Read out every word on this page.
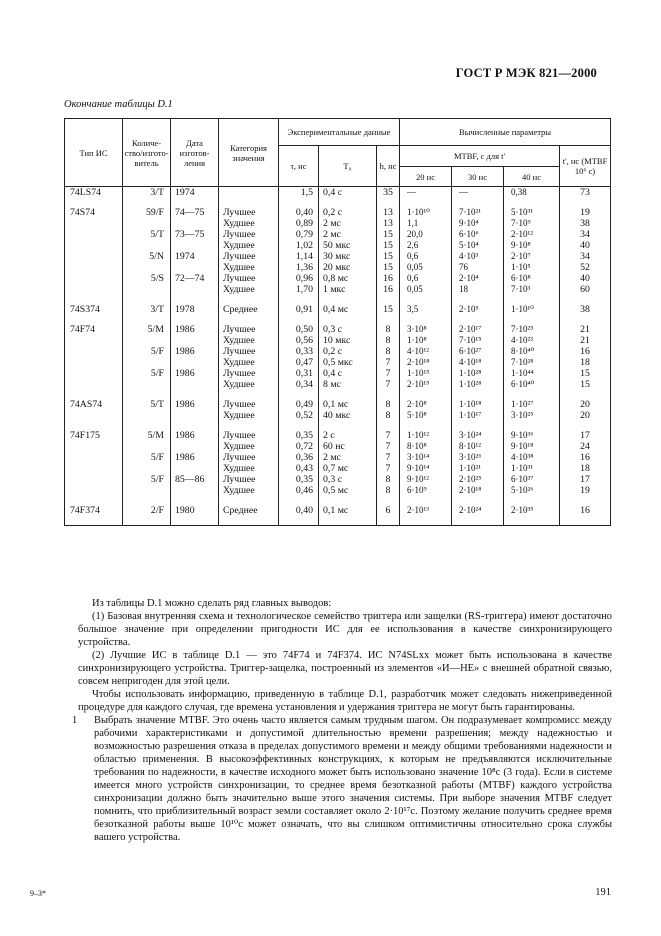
ГОСТ Р МЭК 821—2000
Окончание таблицы D.1
Тип ИС	Количе-ство/изгото-витель	Дата изготов-ления	Категория значения	Экспериментальные данные			Вычисленные параметры			
				τ, нс	T₀	h, нс	MTBF, с для t'			t', нс (MTBF 10⁶ с)
							20 нс	30 нс	40 нс	
74LS74	3/T	1974		1,5	0,4 с	35	—	—	0,38	73

74S74	59/F	74—75	Лучшее	0,40	0,2 с	13	1·10¹⁰	7·10²¹	5·10³¹	19
			Худшее	0,89	2 мс	13	1,1	9·10⁴	7·10⁹	38
	5/T	73—75	Лучшее	0,79	2 мс	15	20,0	6·10⁶	2·10¹²	34
			Худшее	1,02	50 мкс	15	2,6	5·10⁴	9·10⁸	40
	5/N	1974	Лучшее	1,14	30 мкс	15	0,6	4·10³	2·10⁷	34
			Худшее	1,36	20 мкс	15	0,05	76	1·10⁵	52
	5/S	72—74	Лучшее	0,96	0,8 мс	16	0,6	2·10⁴	6·10⁸	40
			Худшее	1,70	1 мкс	16	0,05	18	7·10³	60

74S374	3/T	1978	Среднее	0,91	0,4 мс	15	3,5	2·10⁵	1·10¹⁰	38

74F74	5/M	1986	Лучшее	0,50	0,3 с	8	3·10⁸	2·10¹⁷	7·10²⁵	21
			Худшее	0,56	10 мкс	8	1·10⁸	7·10¹⁵	4·10²³	21
	5/F	1986	Лучшее	0,33	0,2 с	8	4·10¹²	6·10²⁷	8·10⁴⁰	16
			Худшее	0,47	0,5 мкс	7	2·10¹⁸	4·10¹⁸	7·10²⁸	18
	5/F	1986	Лучшее	0,31	0,4 с	7	1·10¹⁵	1·10²⁸	1·10⁴⁴	15
			Худшее	0,34	8 мс	7	2·10¹⁵	1·10²⁸	6·10⁴⁰	15

74AS74	5/T	1986	Лучшее	0,49	0,1 мс	8	2·10⁸	1·10¹⁸	1·10²⁷	20
			Худшее	0,52	40 мкс	8	5·10⁸	1·10¹⁷	3·10²⁵	20

74F175	5/M	1986	Лучшее	0,35	2 с	7	1·10¹²	3·10²⁴	9·10³⁶	17
			Худшее	0,72	60 нс	7	8·10⁸	8·10¹²	9·10¹⁸	24
	5/F	1986	Лучшее	0,36	2 мс	7	3·10¹⁴	3·10²⁶	4·10³⁸	16
			Худшее	0,43	0,7 мс	7	9·10¹⁴	1·10²¹	1·10³¹	18
	5/F	85—86	Лучшее	0,35	0,3 с	8	9·10¹²	2·10²⁵	6·10³⁷	17
			Худшее	0,46	0,5 мс	8	6·10⁹	2·10¹⁸	5·10²⁶	19

74F374	2/F	1980	Среднее	0,40	0,1 мс	6	2·10¹³	2·10²⁴	2·10³⁵	16

Из таблицы D.1 можно сделать ряд главных выводов:

(1) Базовая внутренняя схема и технологическое семейство триггера или защелки (RS-триггера) имеют достаточно большое значение при определении пригодности ИС для ее использования в качестве синхронизирующего устройства.

(2) Лучшие ИС в таблице D.1 — это 74F74 и 74F374. ИС N74SLxx может быть использована в качестве синхронизирующего устройства. Триггер-защелка, построенный из элементов «И—НЕ» с внешней обратной связью, совсем непригоден для этой цели.

Чтобы использовать информацию, приведенную в таблице D.1, разработчик может следовать нижеприведенной процедуре для каждого случая, где времена установления и удержания триггера не могут быть гарантированы.

1 Выбрать значение MTBF. Это очень часто является самым трудным шагом. Он подразумевает компромисс между рабочими характеристиками и допустимой длительностью времени разрешения; между надежностью и возможностью разрешения отказа в пределах допустимого времени и между общими требованиями надежности и областью применения. В высокоэффективных конструкциях, к которым не предъявляются исключительные требования по надежности, в качестве исходного может быть использовано значение 10⁸с (3 года). Если в системе имеется много устройств синхронизации, то среднее время безотказной работы (MTBF) каждого устройства синхронизации должно быть значительно выше этого значения системы. При выборе значения MTBF следует помнить, что приблизительный возраст земли составляет около 2·10¹⁷с. Поэтому желание получить среднее время безотказной работы выше 10¹⁰с может означать, что вы слишком оптимистичны относительно срока службы вашего устройства.

9–3*	191
